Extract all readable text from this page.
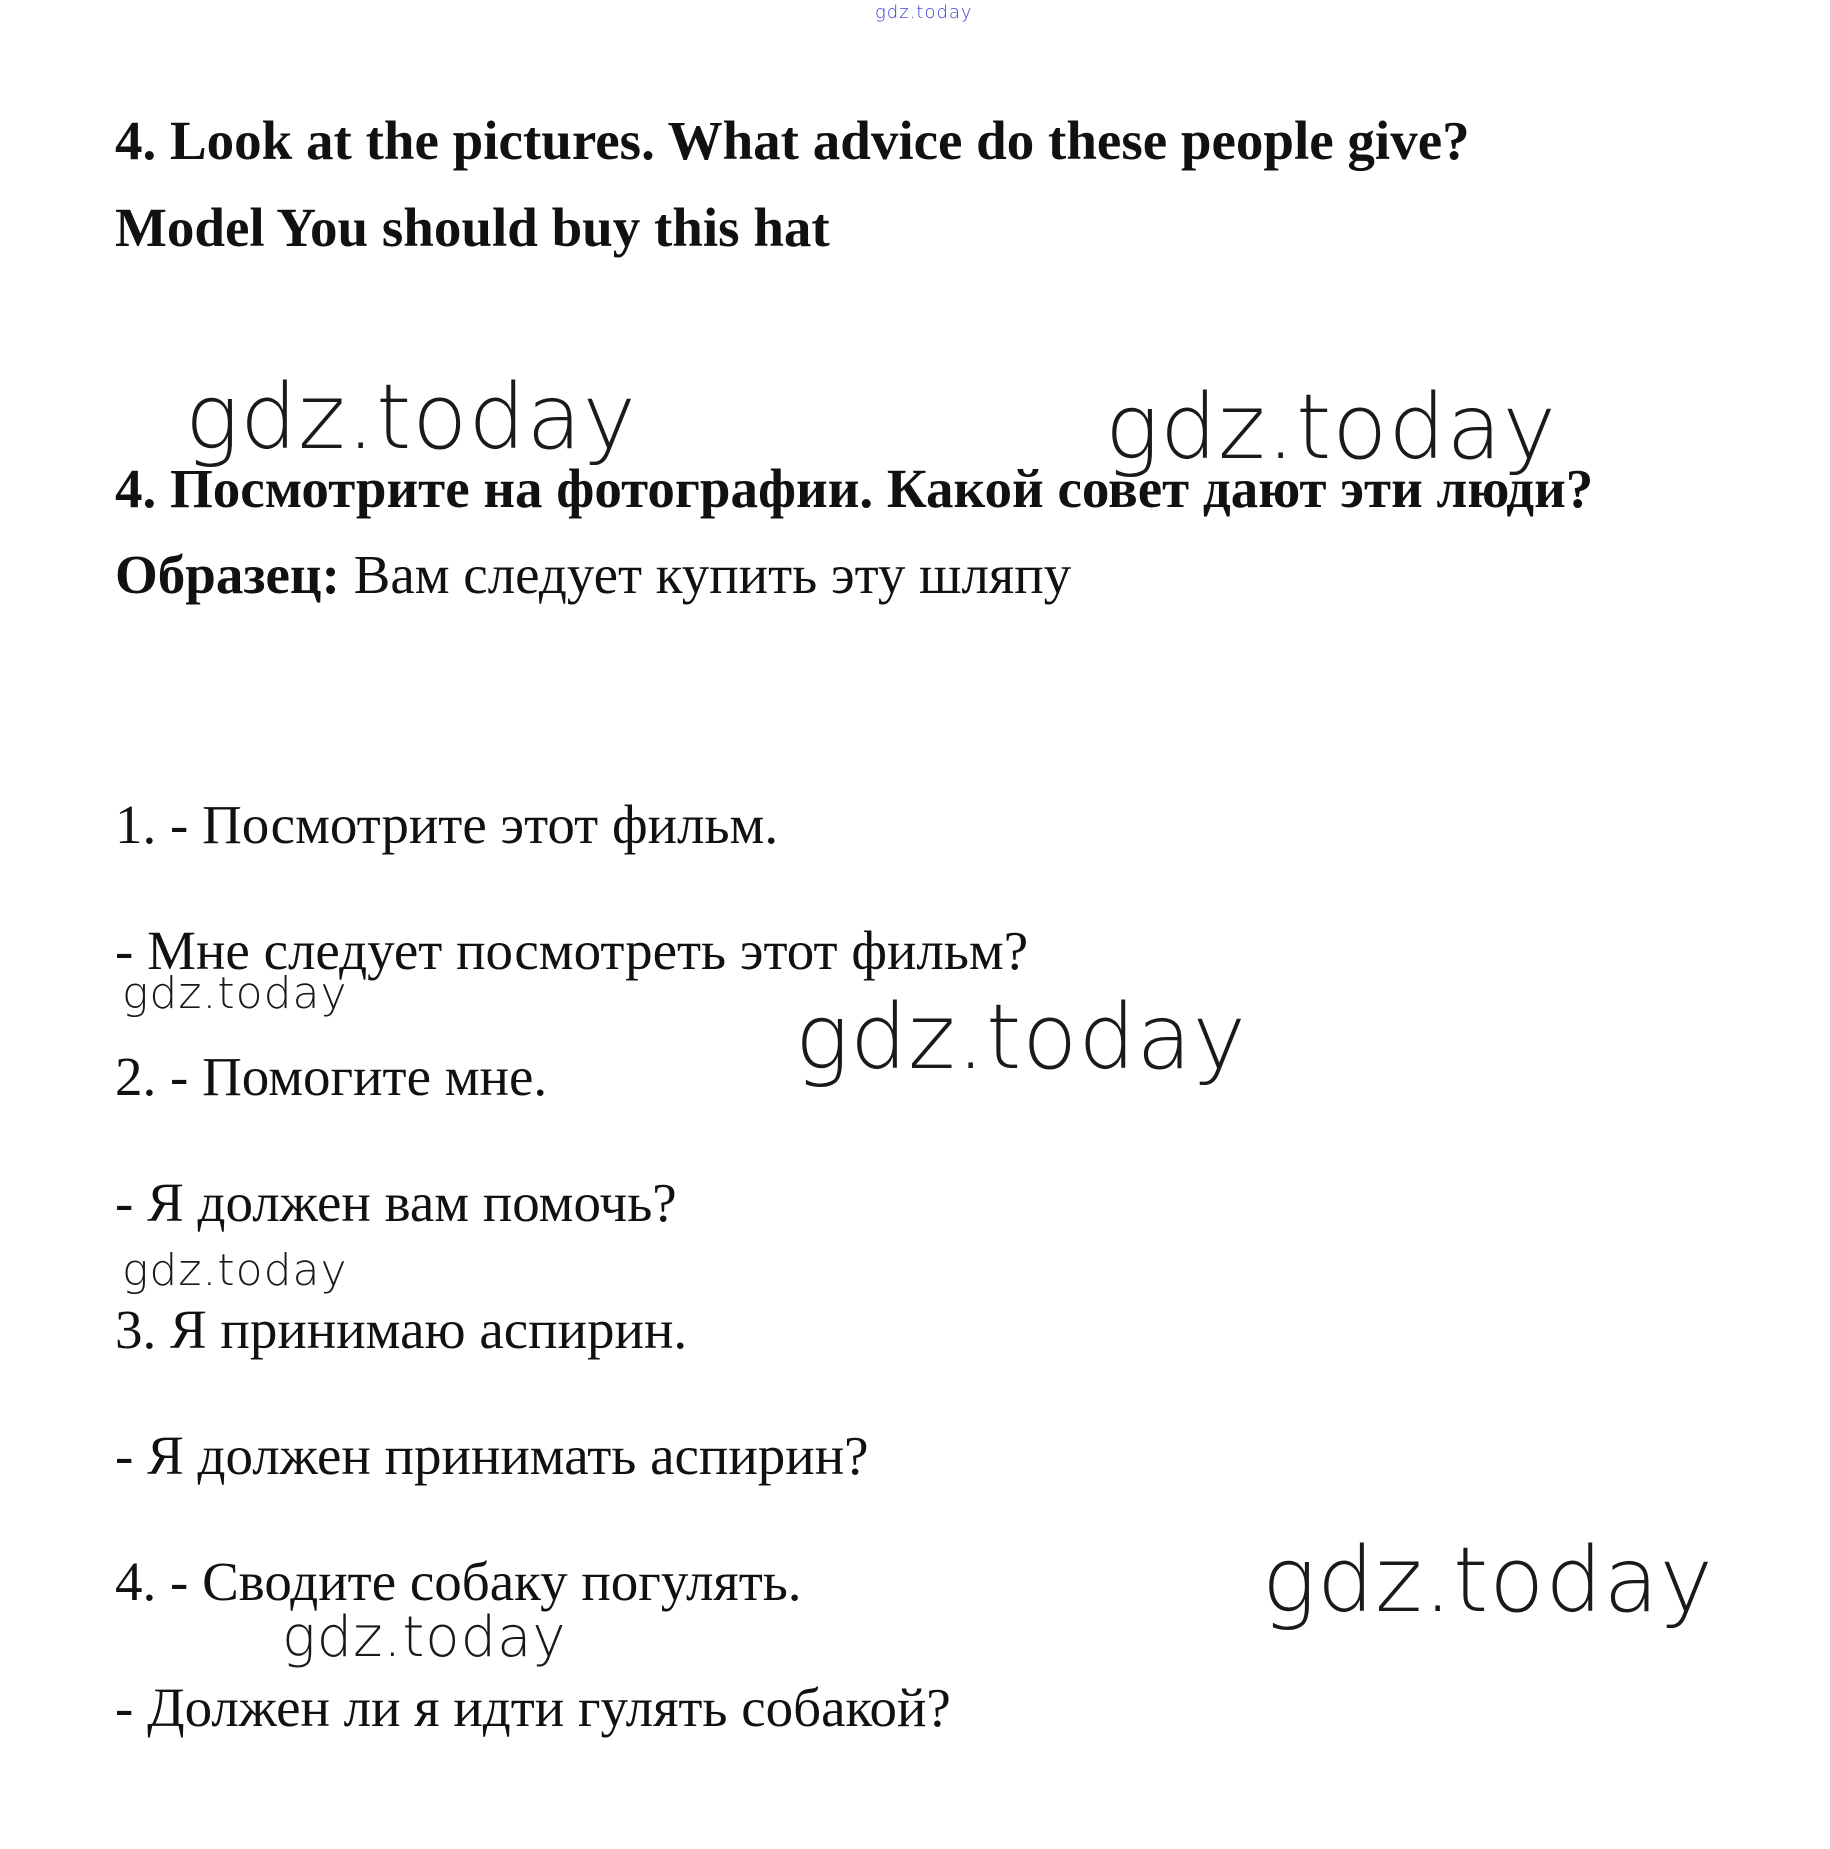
gdz.today
4. Look at the pictures. What advice do these people give?
Model You should buy this hat
gdz.today	gdz.today
4. Посмотрите на фотографии. Какой совет дают эти люди?
Образец: Вам следует купить эту шляпу
1. - Посмотрите этот фильм.
- Мне следует посмотреть этот фильм?
gdz.today	gdz.today
2. - Помогите мне.
- Я должен вам помочь?
gdz.today
3. Я принимаю аспирин.
- Я должен принимать аспирин?
4. - Сводите собаку погулять.	gdz.today
gdz.today
- Должен ли я идти гулять собакой?
